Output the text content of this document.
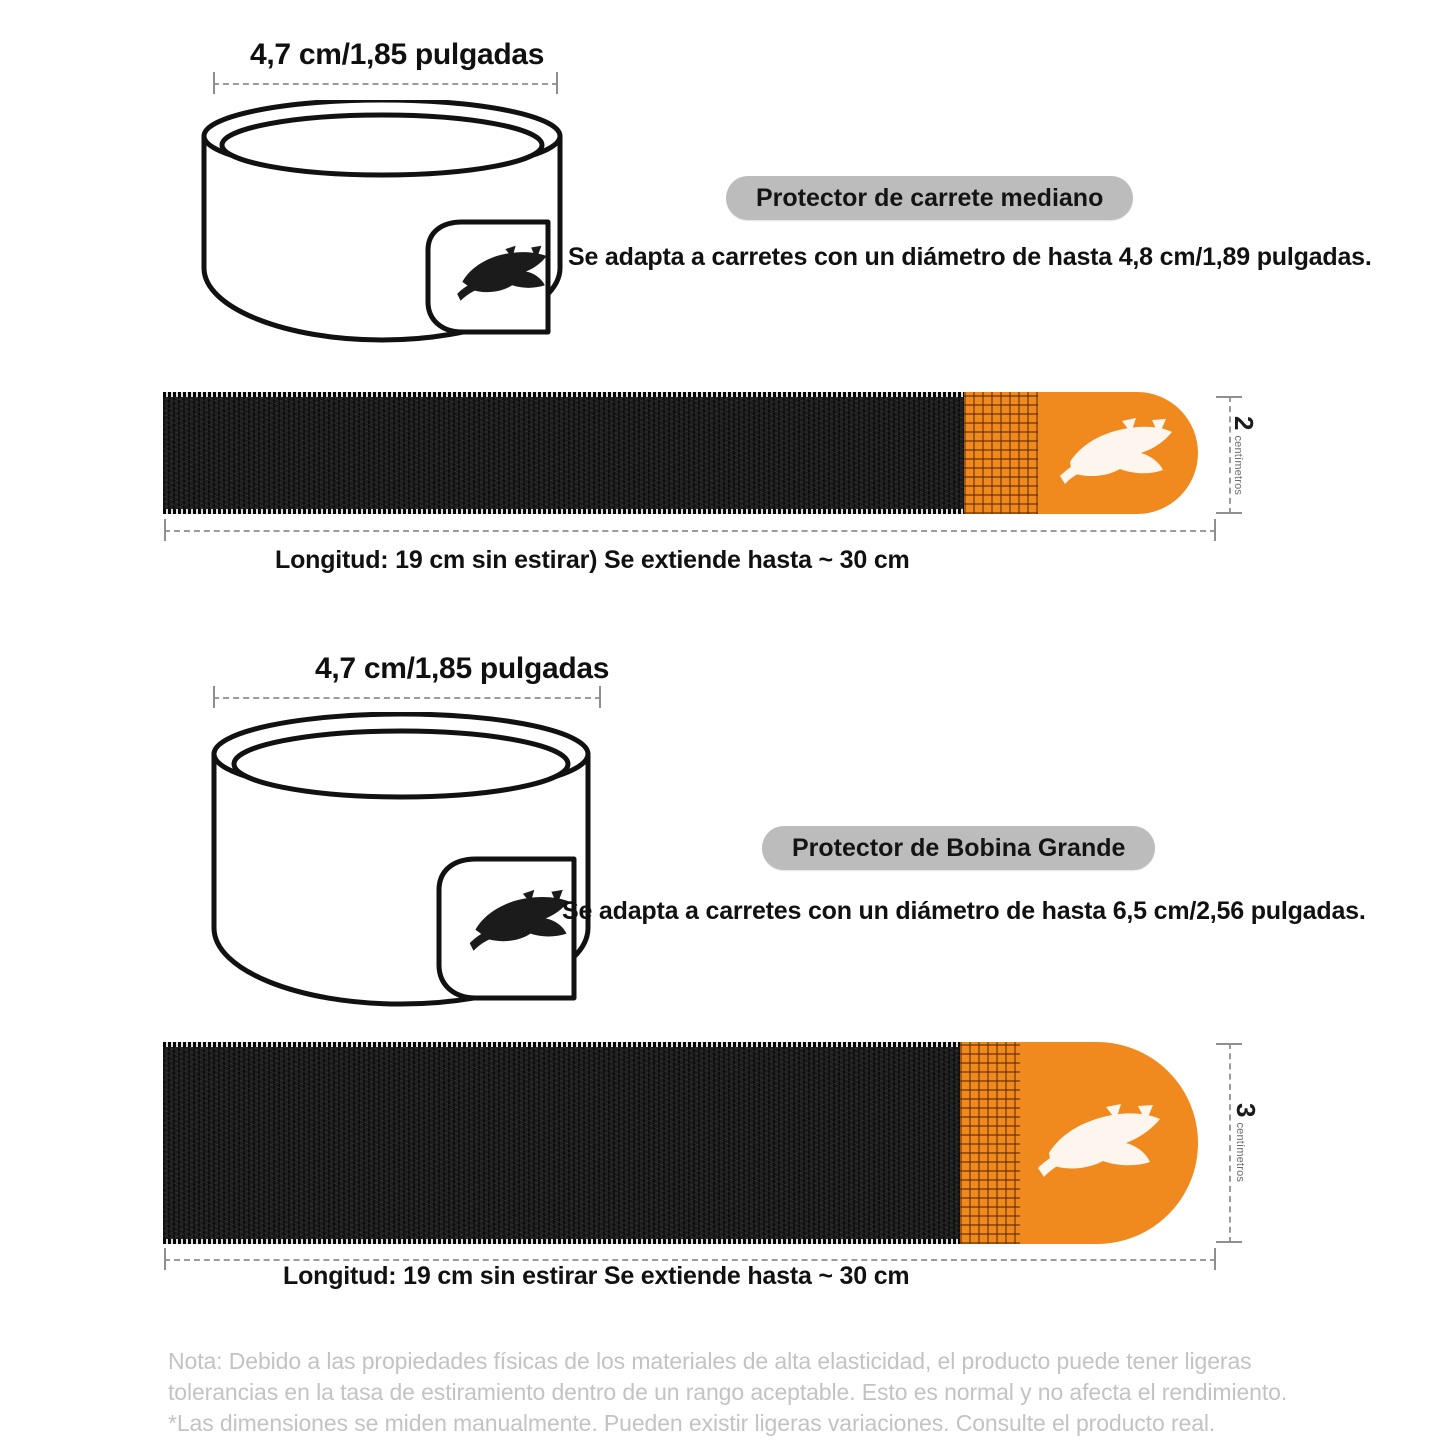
4,7 cm/1,85 pulgadas
Protector de carrete mediano
Se adapta a carretes con un diámetro de hasta 4,8 cm/1,89 pulgadas.
2
centímetros
Longitud: 19 cm sin estirar) Se extiende hasta ~ 30 cm
4,7 cm/1,85 pulgadas
Protector de Bobina Grande
Se adapta a carretes con un diámetro de hasta 6,5 cm/2,56 pulgadas.
3
centímetros
Longitud: 19 cm sin estirar Se extiende hasta ~ 30 cm
Nota: Debido a las propiedades físicas de los materiales de alta elasticidad, el producto puede tener ligeras
tolerancias en la tasa de estiramiento dentro de un rango aceptable. Esto es normal y no afecta el rendimiento.
*Las dimensiones se miden manualmente. Pueden existir ligeras variaciones. Consulte el producto real.
